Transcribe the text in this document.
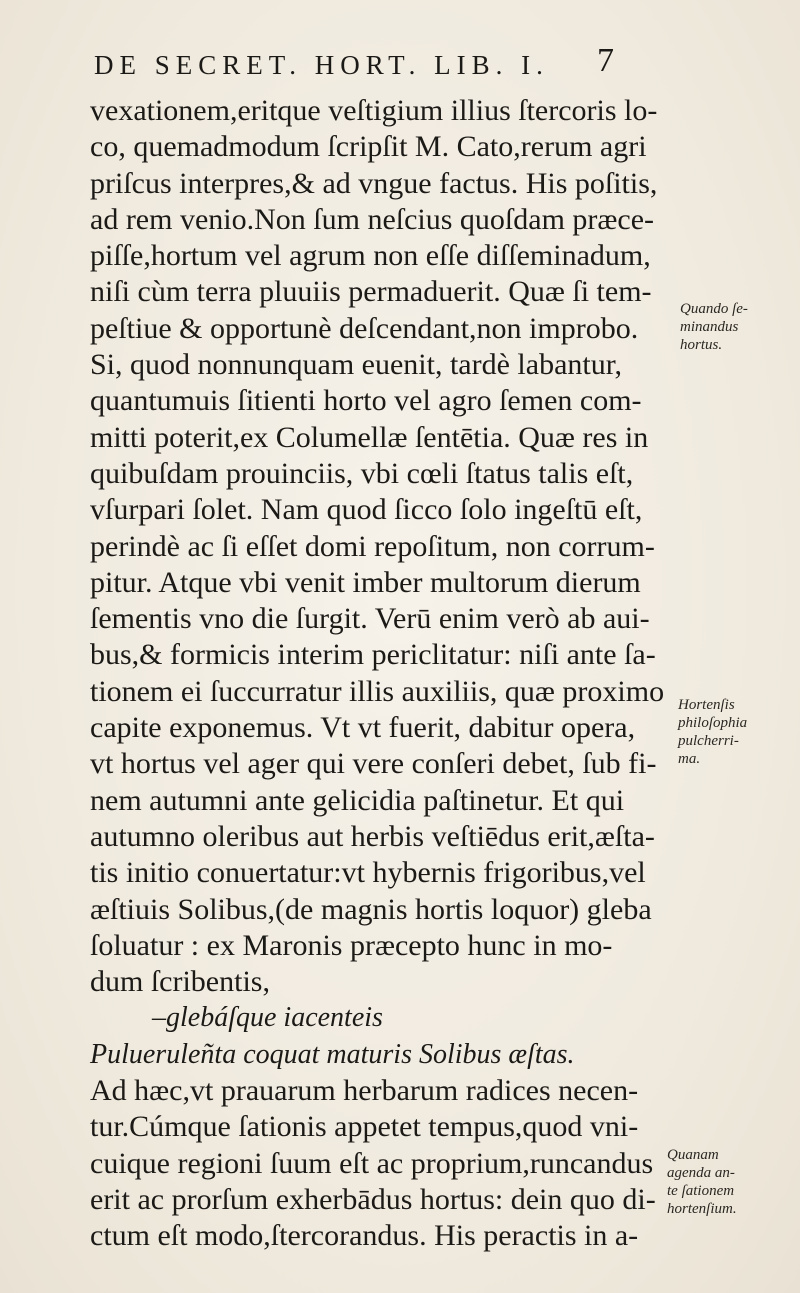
DE SECRET. HORT. LIB. I. 7
vexationem,eritque veſtigium illius ſtercoris lo-
co, quemadmodum ſcripſit M. Cato,rerum agri
priſcus interpres,& ad vngue factus. His poſitis,
ad rem venio.Non ſum neſcius quoſdam præce-
piſſe,hortum vel agrum non eſſe diſſeminadum,
niſi cùm terra pluuiis permaduerit. Quæ ſi tem-
peſtiue & opportunè deſcendant,non improbo.
Si, quod nonnunquam euenit, tardè labantur,
quantumuis ſitienti horto vel agro ſemen com-
mitti poterit,ex Columellæ ſentētia. Quæ res in
quibuſdam prouinciis, vbi cœli ſtatus talis eſt,
vſurpari ſolet. Nam quod ſicco ſolo ingeſtū eſt,
perindè ac ſi eſſet domi repoſitum, non corrum-
pitur. Atque vbi venit imber multorum dierum
ſementis vno die ſurgit. Verū enim verò ab aui-
bus,& formicis interim periclitatur: niſi ante ſa-
tionem ei ſuccurratur illis auxiliis, quæ proximo
capite exponemus. Vt vt fuerit, dabitur opera,
vt hortus vel ager qui vere conſeri debet, ſub fi-
nem autumni ante gelicidia paſtinetur. Et qui
autumno oleribus aut herbis veſtiēdus erit,æſta-
tis initio conuertatur:vt hybernis frigoribus,vel
æſtiuis Solibus,(de magnis hortis loquor) gleba
ſoluatur : ex Maronis præcepto hunc in mo-
dum ſcribentis,
–glebáſque iacenteis
Pulueruleñta coquat maturis Solibus æſtas.
Ad hæc,vt prauarum herbarum radices necen-
tur.Cúmque ſationis appetet tempus,quod vni-
cuique regioni ſuum eſt ac proprium,runcandus
erit ac prorſum exherbādus hortus: dein quo di-
ctum eſt modo,ſtercorandus. His peractis in a-
Quando ſe-
minandus
hortus.
Hortenſis
philoſophia
pulcherri-
ma.
Quanam
agenda an-
te ſationem
hortenſium.
